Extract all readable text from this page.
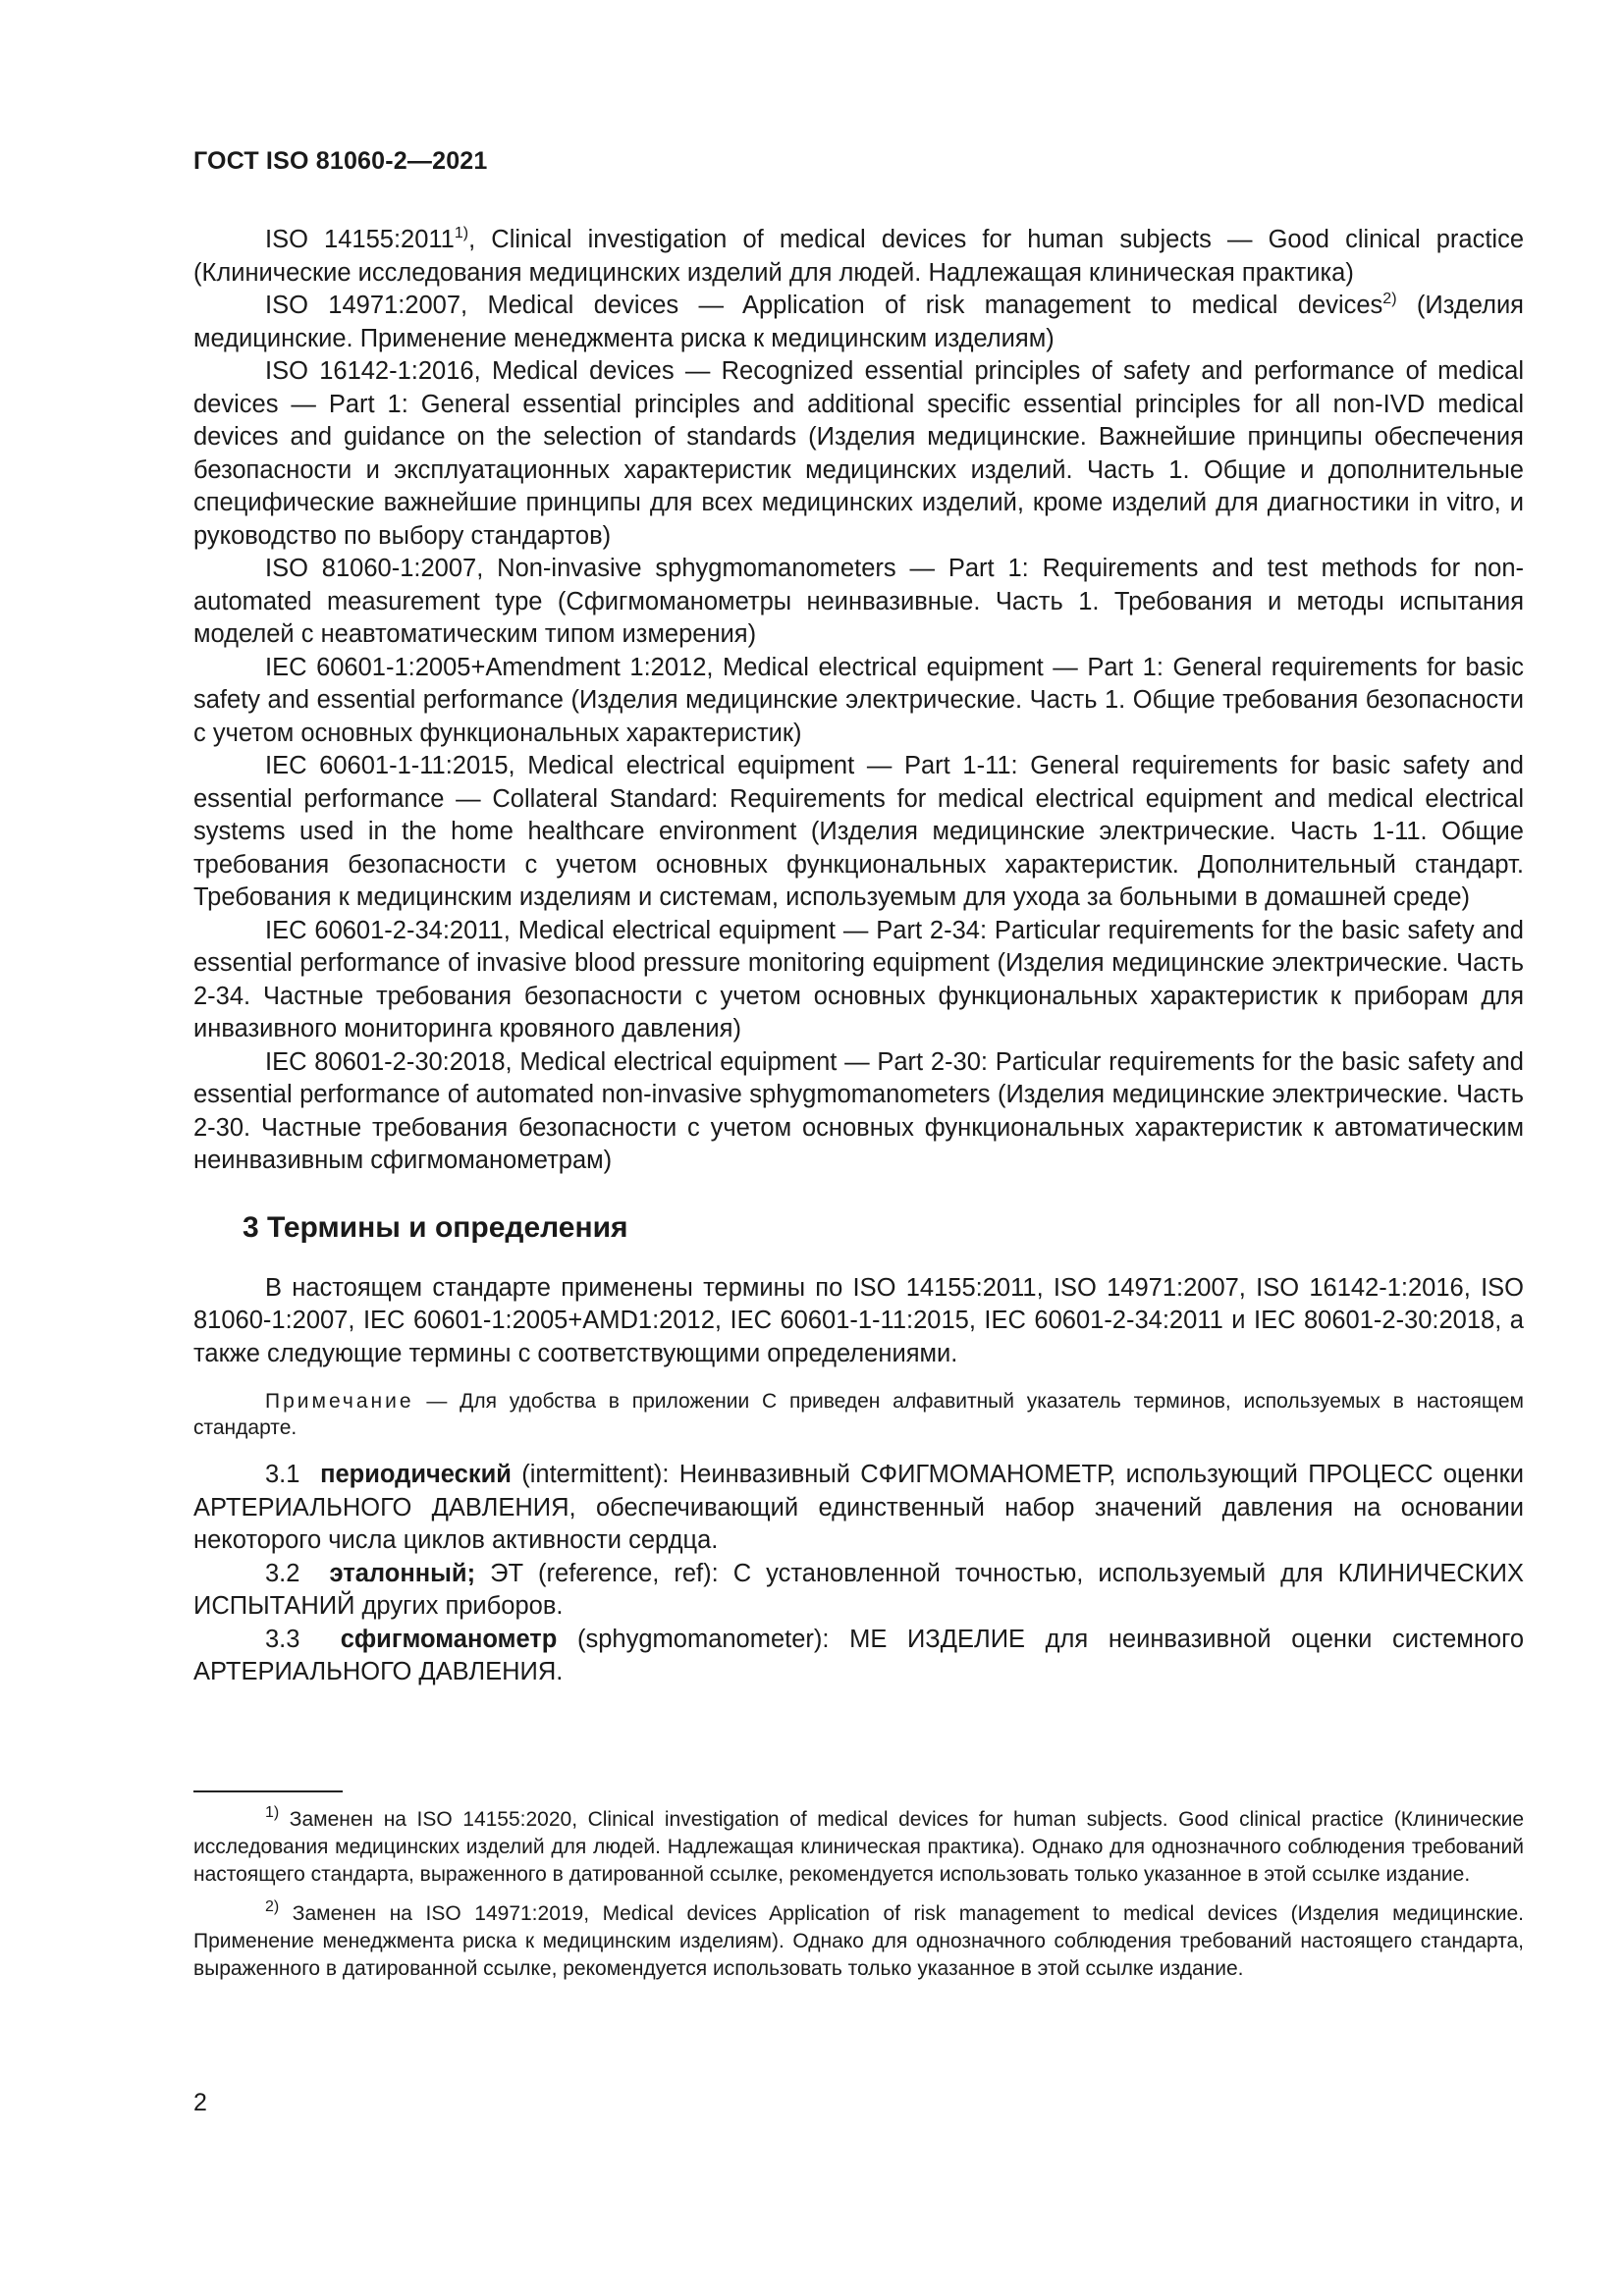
ГОСТ ISO 81060-2—2021

ISO 14155:2011$^{1)}$, Clinical investigation of medical devices for human subjects — Good clinical practice (Клинические исследования медицинских изделий для людей. Надлежащая клиническая практика)

ISO 14971:2007, Medical devices — Application of risk management to medical devices$^{2)}$ (Изделия медицинские. Применение менеджмента риска к медицинским изделиям)

ISO 16142-1:2016, Medical devices — Recognized essential principles of safety and performance of medical devices — Part 1: General essential principles and additional specific essential principles for all non-IVD medical devices and guidance on the selection of standards (Изделия медицинские. Важнейшие принципы обеспечения безопасности и эксплуатационных характеристик медицинских изделий. Часть 1. Общие и дополнительные специфические важнейшие принципы для всех медицинских изделий, кроме изделий для диагностики in vitro, и руководство по выбору стандартов)

ISO 81060-1:2007, Non-invasive sphygmomanometers — Part 1: Requirements and test methods for non-automated measurement type (Сфигмоманометры неинвазивные. Часть 1. Требования и методы испытания моделей с неавтоматическим типом измерения)

IEC 60601-1:2005+Amendment 1:2012, Medical electrical equipment — Part 1: General requirements for basic safety and essential performance (Изделия медицинские электрические. Часть 1. Общие требования безопасности с учетом основных функциональных характеристик)

IEC 60601-1-11:2015, Medical electrical equipment — Part 1-11: General requirements for basic safety and essential performance — Collateral Standard: Requirements for medical electrical equipment and medical electrical systems used in the home healthcare environment (Изделия медицинские электрические. Часть 1-11. Общие требования безопасности с учетом основных функциональных характеристик. Дополнительный стандарт. Требования к медицинским изделиям и системам, используемым для ухода за больными в домашней среде)

IEC 60601-2-34:2011, Medical electrical equipment — Part 2-34: Particular requirements for the basic safety and essential performance of invasive blood pressure monitoring equipment (Изделия медицинские электрические. Часть 2-34. Частные требования безопасности с учетом основных функциональных характеристик к приборам для инвазивного мониторинга кровяного давления)

IEC 80601-2-30:2018, Medical electrical equipment — Part 2-30: Particular requirements for the basic safety and essential performance of automated non-invasive sphygmomanometers (Изделия медицинские электрические. Часть 2-30. Частные требования безопасности с учетом основных функциональных характеристик к автоматическим неинвазивным сфигмоманометрам)

3 Термины и определения

В настоящем стандарте применены термины по ISO 14155:2011, ISO 14971:2007, ISO 16142-1:2016, ISO 81060-1:2007, IEC 60601-1:2005+AMD1:2012, IEC 60601-1-11:2015, IEC 60601-2-34:2011 и IEC 80601-2-30:2018, а также следующие термины с соответствующими определениями.

Примечание — Для удобства в приложении С приведен алфавитный указатель терминов, используемых в настоящем стандарте.

3.1 периодический (intermittent): Неинвазивный СФИГМОМАНОМЕТР, использующий ПРОЦЕСС оценки АРТЕРИАЛЬНОГО ДАВЛЕНИЯ, обеспечивающий единственный набор значений давления на основании некоторого числа циклов активности сердца.

3.2 эталонный; ЭТ (reference, ref): С установленной точностью, используемый для КЛИНИЧЕСКИХ ИСПЫТАНИЙ других приборов.

3.3 сфигмоманометр (sphygmomanometer): МЕ ИЗДЕЛИЕ для неинвазивной оценки системного АРТЕРИАЛЬНОГО ДАВЛЕНИЯ.

$^{1)}$ Заменен на ISO 14155:2020, Clinical investigation of medical devices for human subjects. Good clinical practice (Клинические исследования медицинских изделий для людей. Надлежащая клиническая практика). Однако для однозначного соблюдения требований настоящего стандарта, выраженного в датированной ссылке, рекомендуется использовать только указанное в этой ссылке издание.

$^{2)}$ Заменен на ISO 14971:2019, Medical devices Application of risk management to medical devices (Изделия медицинские. Применение менеджмента риска к медицинским изделиям). Однако для однозначного соблюдения требований настоящего стандарта, выраженного в датированной ссылке, рекомендуется использовать только указанное в этой ссылке издание.

2
